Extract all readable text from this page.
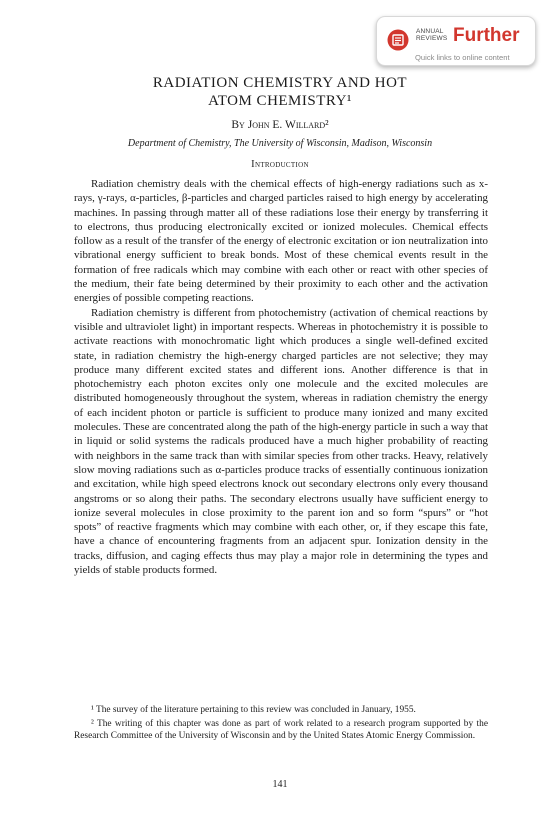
ANNUAL
REVIEWS Further
Quick links to online content
RADIATION CHEMISTRY AND HOT
ATOM CHEMISTRY¹
By John E. Willard²
Department of Chemistry, The University of Wisconsin, Madison, Wisconsin
Introduction

Radiation chemistry deals with the chemical effects of high-energy radiations such as x-rays, γ-rays, α-particles, β-particles and charged particles raised to high energy by accelerating machines. In passing through matter all of these radiations lose their energy by transferring it to electrons, thus producing electronically excited or ionized molecules. Chemical effects follow as a result of the transfer of the energy of electronic excitation or ion neutralization into vibrational energy sufficient to break bonds. Most of these chemical events result in the formation of free radicals which may combine with each other or react with other species of the medium, their fate being determined by their proximity to each other and the activation energies of possible competing reactions.

Radiation chemistry is different from photochemistry (activation of chemical reactions by visible and ultraviolet light) in important respects. Whereas in photochemistry it is possible to activate reactions with monochromatic light which produces a single well-defined excited state, in radiation chemistry the high-energy charged particles are not selective; they may produce many different excited states and different ions. Another difference is that in photochemistry each photon excites only one molecule and the excited molecules are distributed homogeneously throughout the system, whereas in radiation chemistry the energy of each incident photon or particle is sufficient to produce many ionized and many excited molecules. These are concentrated along the path of the high-energy particle in such a way that in liquid or solid systems the radicals produced have a much higher probability of reacting with neighbors in the same track than with similar species from other tracks. Heavy, relatively slow moving radiations such as α-particles produce tracks of essentially continuous ionization and excitation, while high speed electrons knock out secondary electrons only every thousand angstroms or so along their paths. The secondary electrons usually have sufficient energy to ionize several molecules in close proximity to the parent ion and so form “spurs” or “hot spots” of reactive fragments which may combine with each other, or, if they escape this fate, have a chance of encountering fragments from an adjacent spur. Ionization density in the tracks, diffusion, and caging effects thus may play a major role in determining the types and yields of stable products formed.

¹ The survey of the literature pertaining to this review was concluded in January, 1955.

² The writing of this chapter was done as part of work related to a research program supported by the Research Committee of the University of Wisconsin and by the United States Atomic Energy Commission.

141
